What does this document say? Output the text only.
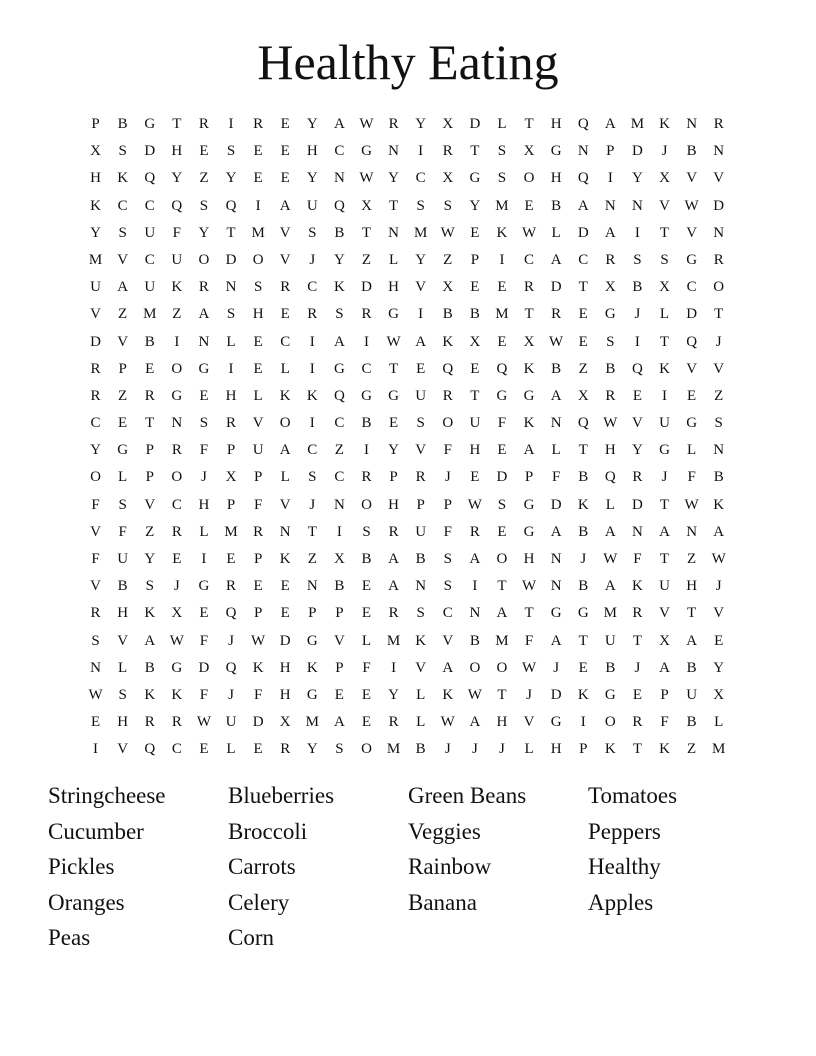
Healthy Eating
P	B	G	T	R	I	R	E	Y	A W	R	Y	X	D	L	T	H	Q	A	M	K	N	R
X	S	D	H	E	S	E	E	H	C	G	N	I	R	T	S	X	G	N	P	D	J	B	N
H	K	Q	Y	Z	Y	E	E	Y	N W Y	C	X	G	S	O	H	Q	I	Y	X	V	V
K	C	C	Q	S	Q	I	A	U	Q	X	T	S	S	Y	M	E	B	A	N	N	V W D
Y	S	U	F	Y	T	M	V	S	B	T	N	M W	E	K W	L	D	A	I	T	V	N
M	V	C	U	O	D	O	V	J	Y	Z	L	Y	Z	P	I	C	A	C	R	S	S	G	R
U	A	U	K	R	N	S	R	C	K	D	H	V	X	E	E	R	D	T	X	B	X	C	O
V	Z	M	Z	A	S	H	E	R	S	R	G	I	B	B	M	T	R	E	G	J	L	D	T
D	V	B	I	N	L	E	C	I	A	I	W A	K	X	E	X W	E	S	I	T	Q	J
R	P	E	O	G	I	E	L	I	G	C	T	E	Q	E	Q	K	B	Z	B	Q	K	V	V
R	Z	R	G	E	H	L	K	K	Q	G	G	U	R	T	G	G	A	X	R	E	I	E	Z
C	E	T	N	S	R	V	O	I	C	B	E	S	O	U	F	K	N	Q W V	U	G	S
Y	G	P	R	F	P	U	A	C	Z	I	Y	V	F	H	E	A	L	T	H	Y	G	L	N
O	L	P	O	J	X	P	L	S	C	R	P	R	J	E	D	P	F	B	Q	R	J	F	B
F	S	V	C	H	P	F	V	J	N	O	H	P	P	W	S	G	D	K	L	D	T	W K
V	F	Z	R	L	M	R	N	T	I	S	R	U	F	R	E	G	A	B	A	N	A	N	A
F	U	Y	E	I	E	P	K	Z	X	B	A	B	S	A	O	H	N	J	W	F	T	Z	W
V	B	S	J	G	R	E	E	N	B	E	A	N	S	I	T	W N	B	A	K	U	H	J
R	H	K	X	E	Q	P	E	P	P	E	R	S	C	N	A	T	G	G	M	R	V	T	V
S	V	A W	F	J	W D	G	V	L	M	K	V	B	M	F	A	T	U	T	X	A	E
N	L	B	G	D	Q	K	H	K	P	F	I	V	A	O	O W	J	E	B	J	A	B	Y
W	S	K	K	F	J	F	H	G	E	E	Y	L	K W	T	J	D	K	G	E	P	U	X
E	H	R	R	W U	D	X	M	A	E	R	L	W A	H	V	G	I	O	R	F	B	L
I	V	Q	C	E	L	E	R	Y	S	O	M	B	J	J	J	L	H	P	K	T	K	Z	M
Stringcheese	Blueberries	Green Beans	Tomatoes
Cucumber	Broccoli	Veggies	Peppers
Pickles	Carrots	Rainbow	Healthy
Oranges	Celery	Banana	Apples
Peas	Corn
